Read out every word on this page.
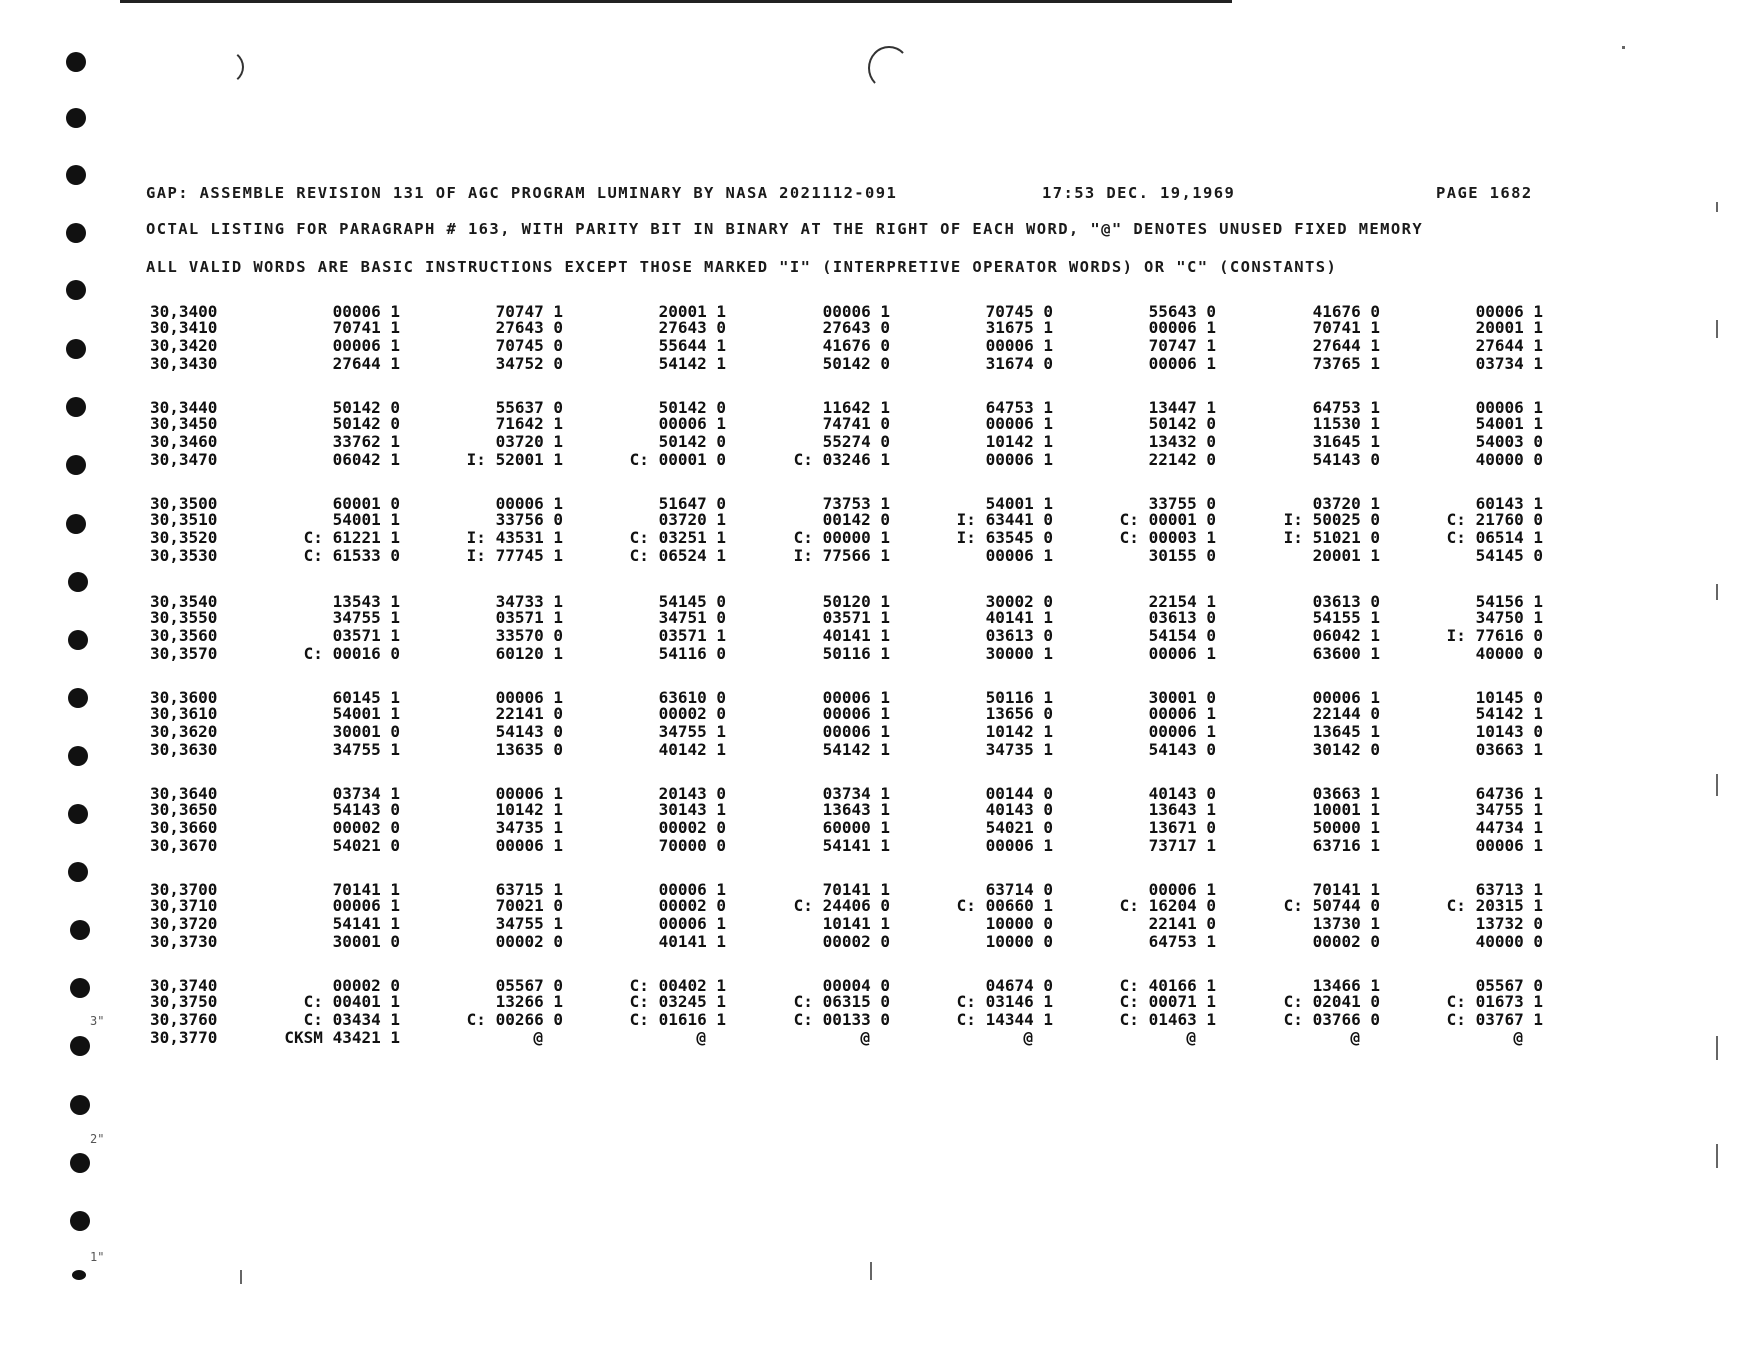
3"
2"
1"
GAP: ASSEMBLE REVISION 131 OF AGC PROGRAM LUMINARY BY NASA 2021112-091	17:53 DEC. 19,1969	PAGE 1682
OCTAL LISTING FOR PARAGRAPH # 163, WITH PARITY BIT IN BINARY AT THE RIGHT OF EACH WORD, "@" DENOTES UNUSED FIXED MEMORY
ALL VALID WORDS ARE BASIC INSTRUCTIONS EXCEPT THOSE MARKED "I" (INTERPRETIVE OPERATOR WORDS) OR "C" (CONSTANTS)
30,3400	00006 1	70747 1	20001 1	00006 1	70745 0	55643 0	41676 0	00006 1
30,3410	70741 1	27643 0	27643 0	27643 0	31675 1	00006 1	70741 1	20001 1
30,3420	00006 1	70745 0	55644 1	41676 0	00006 1	70747 1	27644 1	27644 1
30,3430	27644 1	34752 0	54142 1	50142 0	31674 0	00006 1	73765 1	03734 1
30,3440	50142 0	55637 0	50142 0	11642 1	64753 1	13447 1	64753 1	00006 1
30,3450	50142 0	71642 1	00006 1	74741 0	00006 1	50142 0	11530 1	54001 1
30,3460	33762 1	03720 1	50142 0	55274 0	10142 1	13432 0	31645 1	54003 0
30,3470	06042 1	I: 52001 1	C: 00001 0	C: 03246 1	00006 1	22142 0	54143 0	40000 0
30,3500	60001 0	00006 1	51647 0	73753 1	54001 1	33755 0	03720 1	60143 1
30,3510	54001 1	33756 0	03720 1	00142 0	I: 63441 0	C: 00001 0	I: 50025 0	C: 21760 0
30,3520	C: 61221 1	I: 43531 1	C: 03251 1	C: 00000 1	I: 63545 0	C: 00003 1	I: 51021 0	C: 06514 1
30,3530	C: 61533 0	I: 77745 1	C: 06524 1	I: 77566 1	00006 1	30155 0	20001 1	54145 0
30,3540	13543 1	34733 1	54145 0	50120 1	30002 0	22154 1	03613 0	54156 1
30,3550	34755 1	03571 1	34751 0	03571 1	40141 1	03613 0	54155 1	34750 1
30,3560	03571 1	33570 0	03571 1	40141 1	03613 0	54154 0	06042 1	I: 77616 0
30,3570	C: 00016 0	60120 1	54116 0	50116 1	30000 1	00006 1	63600 1	40000 0
30,3600	60145 1	00006 1	63610 0	00006 1	50116 1	30001 0	00006 1	10145 0
30,3610	54001 1	22141 0	00002 0	00006 1	13656 0	00006 1	22144 0	54142 1
30,3620	30001 0	54143 0	34755 1	00006 1	10142 1	00006 1	13645 1	10143 0
30,3630	34755 1	13635 0	40142 1	54142 1	34735 1	54143 0	30142 0	03663 1
30,3640	03734 1	00006 1	20143 0	03734 1	00144 0	40143 0	03663 1	64736 1
30,3650	54143 0	10142 1	30143 1	13643 1	40143 0	13643 1	10001 1	34755 1
30,3660	00002 0	34735 1	00002 0	60000 1	54021 0	13671 0	50000 1	44734 1
30,3670	54021 0	00006 1	70000 0	54141 1	00006 1	73717 1	63716 1	00006 1
30,3700	70141 1	63715 1	00006 1	70141 1	63714 0	00006 1	70141 1	63713 1
30,3710	00006 1	70021 0	00002 0	C: 24406 0	C: 00660 1	C: 16204 0	C: 50744 0	C: 20315 1
30,3720	54141 1	34755 1	00006 1	10141 1	10000 0	22141 0	13730 1	13732 0
30,3730	30001 0	00002 0	40141 1	00002 0	10000 0	64753 1	00002 0	40000 0
30,3740	00002 0	05567 0	C: 00402 1	00004 0	04674 0	C: 40166 1	13466 1	05567 0
30,3750	C: 00401 1	13266 1	C: 03245 1	C: 06315 0	C: 03146 1	C: 00071 1	C: 02041 0	C: 01673 1
30,3760	C: 03434 1	C: 00266 0	C: 01616 1	C: 00133 0	C: 14344 1	C: 01463 1	C: 03766 0	C: 03767 1
30,3770	CKSM 43421 1	@	@	@	@	@	@	@
